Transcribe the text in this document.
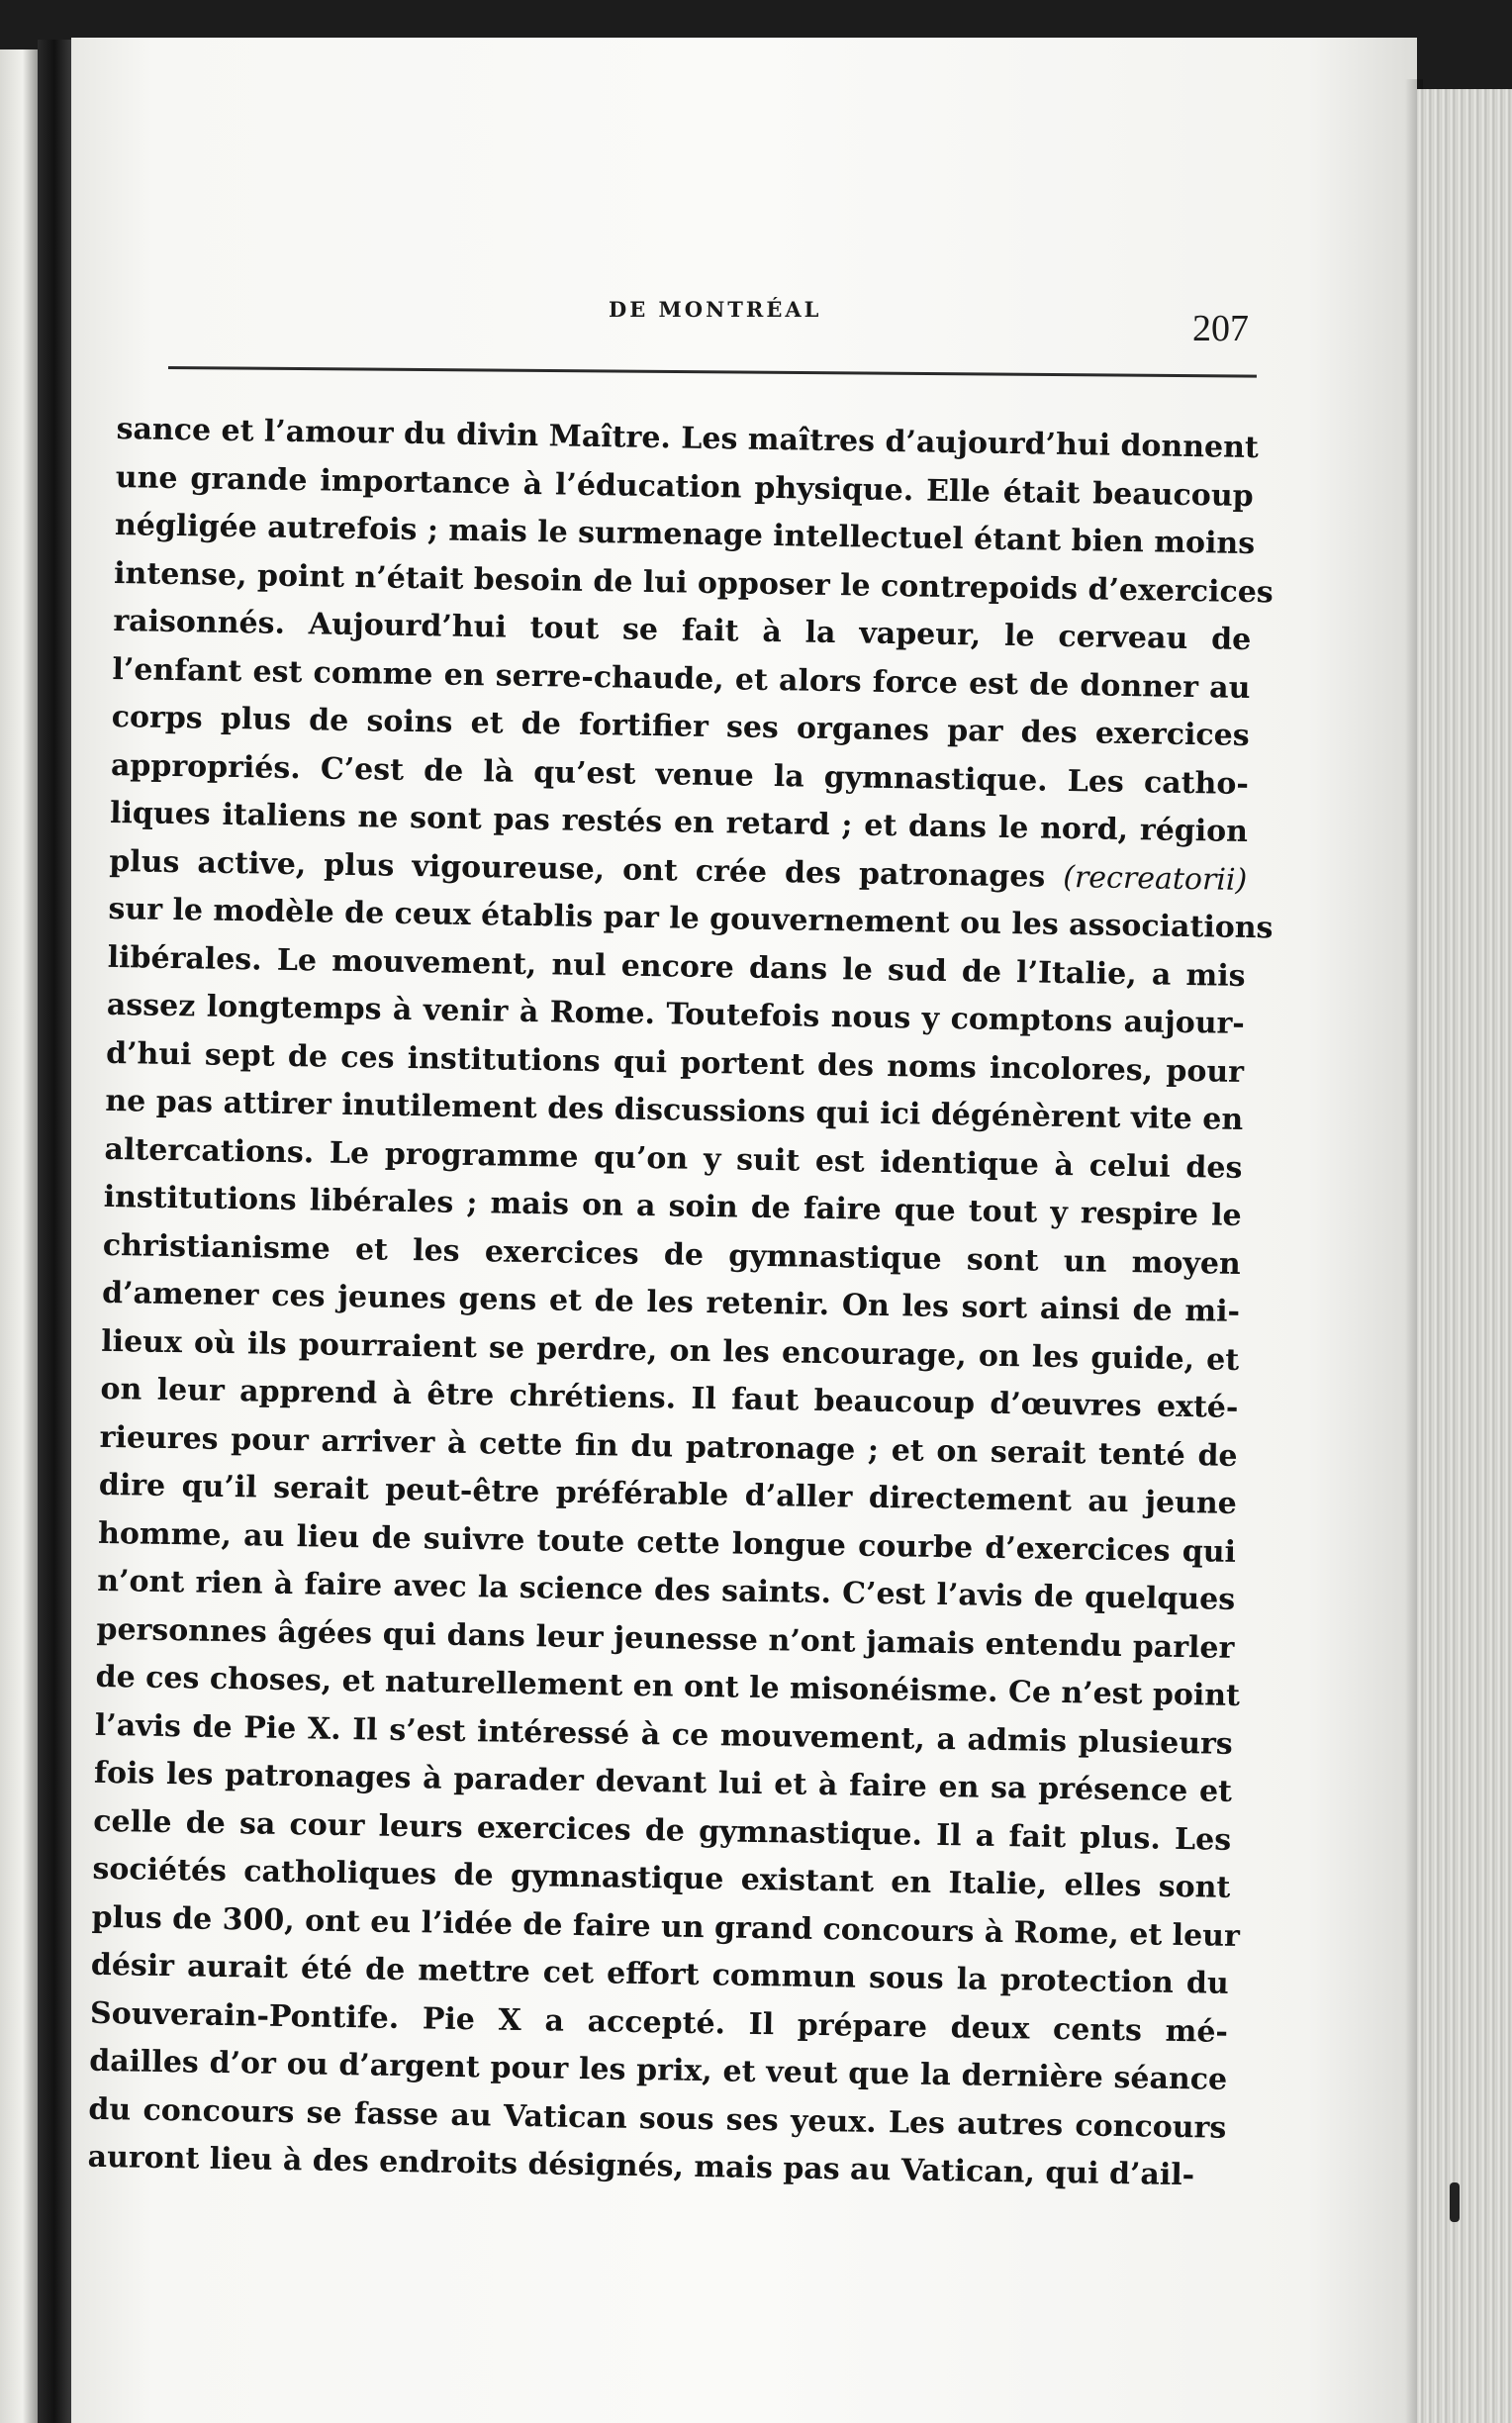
DE MONTRÉAL	207
sance et l’amour du divin Maître. Les maîtres d’aujourd’hui donnent
une grande importance à l’éducation physique. Elle était beaucoup
négligée autrefois ; mais le surmenage intellectuel étant bien moins
intense, point n’était besoin de lui opposer le contrepoids d’exercices
raisonnés. Aujourd’hui tout se fait à la vapeur, le cerveau de
l’enfant est comme en serre-chaude, et alors force est de donner au
corps plus de soins et de fortifier ses organes par des exercices
appropriés. C’est de là qu’est venue la gymnastique. Les catho-
liques italiens ne sont pas restés en retard ; et dans le nord, région
plus active, plus vigoureuse, ont crée des patronages (recreatorii)
sur le modèle de ceux établis par le gouvernement ou les associations
libérales. Le mouvement, nul encore dans le sud de l’Italie, a mis
assez longtemps à venir à Rome. Toutefois nous y comptons aujour-
d’hui sept de ces institutions qui portent des noms incolores, pour
ne pas attirer inutilement des discussions qui ici dégénèrent vite en
altercations. Le programme qu’on y suit est identique à celui des
institutions libérales ; mais on a soin de faire que tout y respire le
christianisme et les exercices de gymnastique sont un moyen
d’amener ces jeunes gens et de les retenir. On les sort ainsi de mi-
lieux où ils pourraient se perdre, on les encourage, on les guide, et
on leur apprend à être chrétiens. Il faut beaucoup d’œuvres exté-
rieures pour arriver à cette fin du patronage ; et on serait tenté de
dire qu’il serait peut-être préférable d’aller directement au jeune
homme, au lieu de suivre toute cette longue courbe d’exercices qui
n’ont rien à faire avec la science des saints. C’est l’avis de quelques
personnes âgées qui dans leur jeunesse n’ont jamais entendu parler
de ces choses, et naturellement en ont le misonéisme. Ce n’est point
l’avis de Pie X. Il s’est intéressé à ce mouvement, a admis plusieurs
fois les patronages à parader devant lui et à faire en sa présence et
celle de sa cour leurs exercices de gymnastique. Il a fait plus. Les
sociétés catholiques de gymnastique existant en Italie, elles sont
plus de 300, ont eu l’idée de faire un grand concours à Rome, et leur
désir aurait été de mettre cet effort commun sous la protection du
Souverain-Pontife. Pie X a accepté. Il prépare deux cents mé-
dailles d’or ou d’argent pour les prix, et veut que la dernière séance
du concours se fasse au Vatican sous ses yeux. Les autres concours
auront lieu à des endroits désignés, mais pas au Vatican, qui d’ail-
